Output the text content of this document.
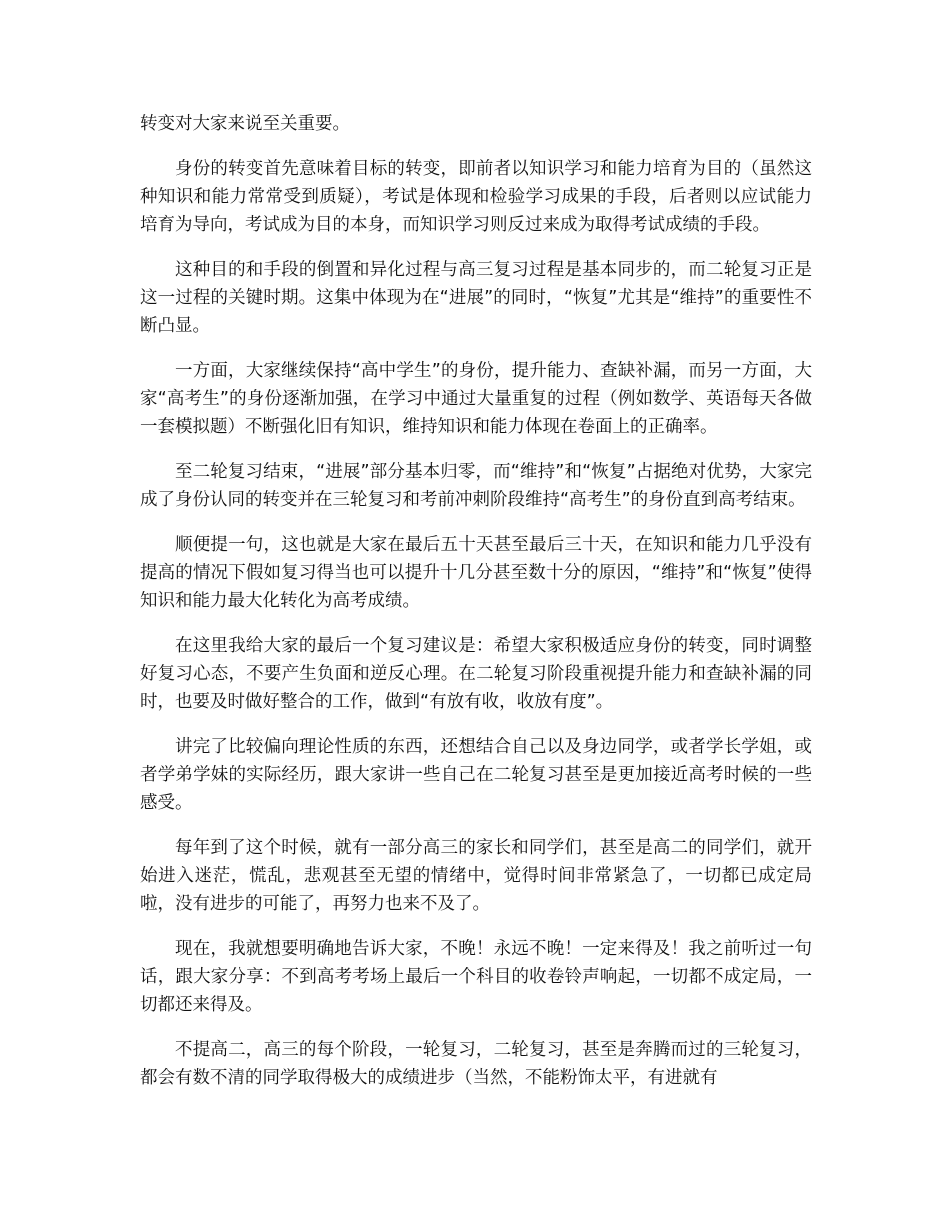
转变对大家来说至关重要。

身份的转变首先意味着目标的转变，即前者以知识学习和能力培育为目的（虽然这种知识和能力常常受到质疑），考试是体现和检验学习成果的手段，后者则以应试能力培育为导向，考试成为目的本身，而知识学习则反过来成为取得考试成绩的手段。

这种目的和手段的倒置和异化过程与高三复习过程是基本同步的，而二轮复习正是这一过程的关键时期。这集中体现为在“进展”的同时，“恢复”尤其是“维持”的重要性不断凸显。

一方面，大家继续保持“高中学生”的身份，提升能力、查缺补漏，而另一方面，大家“高考生”的身份逐渐加强，在学习中通过大量重复的过程（例如数学、英语每天各做一套模拟题）不断强化旧有知识，维持知识和能力体现在卷面上的正确率。

至二轮复习结束，“进展”部分基本归零，而“维持”和“恢复”占据绝对优势，大家完成了身份认同的转变并在三轮复习和考前冲刺阶段维持“高考生”的身份直到高考结束。

顺便提一句，这也就是大家在最后五十天甚至最后三十天，在知识和能力几乎没有提高的情况下假如复习得当也可以提升十几分甚至数十分的原因，“维持”和“恢复”使得知识和能力最大化转化为高考成绩。

在这里我给大家的最后一个复习建议是：希望大家积极适应身份的转变，同时调整好复习心态，不要产生负面和逆反心理。在二轮复习阶段重视提升能力和查缺补漏的同时，也要及时做好整合的工作，做到“有放有收，收放有度”。

讲完了比较偏向理论性质的东西，还想结合自己以及身边同学，或者学长学姐，或者学弟学妹的实际经历，跟大家讲一些自己在二轮复习甚至是更加接近高考时候的一些感受。

每年到了这个时候，就有一部分高三的家长和同学们，甚至是高二的同学们，就开始进入迷茫，慌乱，悲观甚至无望的情绪中，觉得时间非常紧急了，一切都已成定局啦，没有进步的可能了，再努力也来不及了。

现在，我就想要明确地告诉大家，不晚！永远不晚！一定来得及！我之前听过一句话，跟大家分享：不到高考考场上最后一个科目的收卷铃声响起，一切都不成定局，一切都还来得及。

不提高二，高三的每个阶段，一轮复习，二轮复习，甚至是奔腾而过的三轮复习，都会有数不清的同学取得极大的成绩进步（当然，不能粉饰太平，有进就有
